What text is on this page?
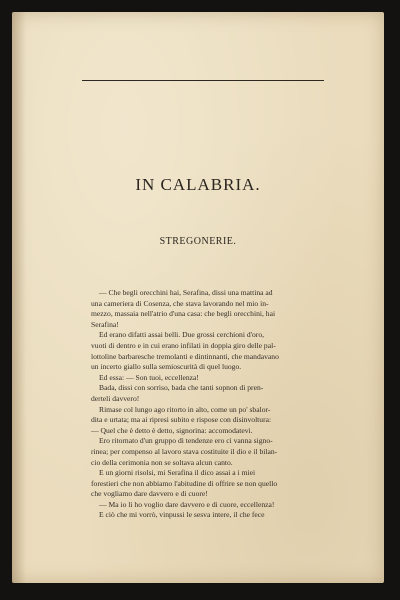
IN CALABRIA.
STREGONERIE.
— Che begli orecchini hai, Serafina, dissi una mattina ad
una cameriera di Cosenza, che stava lavorando nel mio in-
mezzo, massaia nell'atrio d'una casa: che begli orecchini, hai
Serafina!
Ed erano difatti assai belli. Due grossi cerchioni d'oro,
vuoti di dentro e in cui erano infilati in doppia giro delle pal-
lottoline barbaresche tremolanti e dintinnanti, che mandavano
un incerto giallo sulla semioscurità di quel luogo.
Ed essa: — Son tuoi, eccellenza!
Bada, dissi con sorriso, bada che tanti sopnon di pren-
derteli davvero!
Rimase col lungo ago ritorto in alto, come un po' sbalor-
dita e urtata; ma ai ripresi subito e rispose con disinvoltura:
— Quel che è detto è detto, signorina: accomodatevi.
Ero ritornato d'un gruppo di tendenze ero ci vanna signo-
rinea; per compenso al lavoro stava costituite il dio e il bilan-
cio della cerimonia non se soltava alcun canto.
E un giorni risolsi, mi Serafina il dico assai a i miei
forestieri che non abbiamo l'abitudine di offrire se non quello
che vogliamo dare davvero e di cuore!
— Ma io li ho voglio dare davvero e di cuore, eccellenza!
E ciò che mi vorrò, vinpussi le sesva intere, il che fece
